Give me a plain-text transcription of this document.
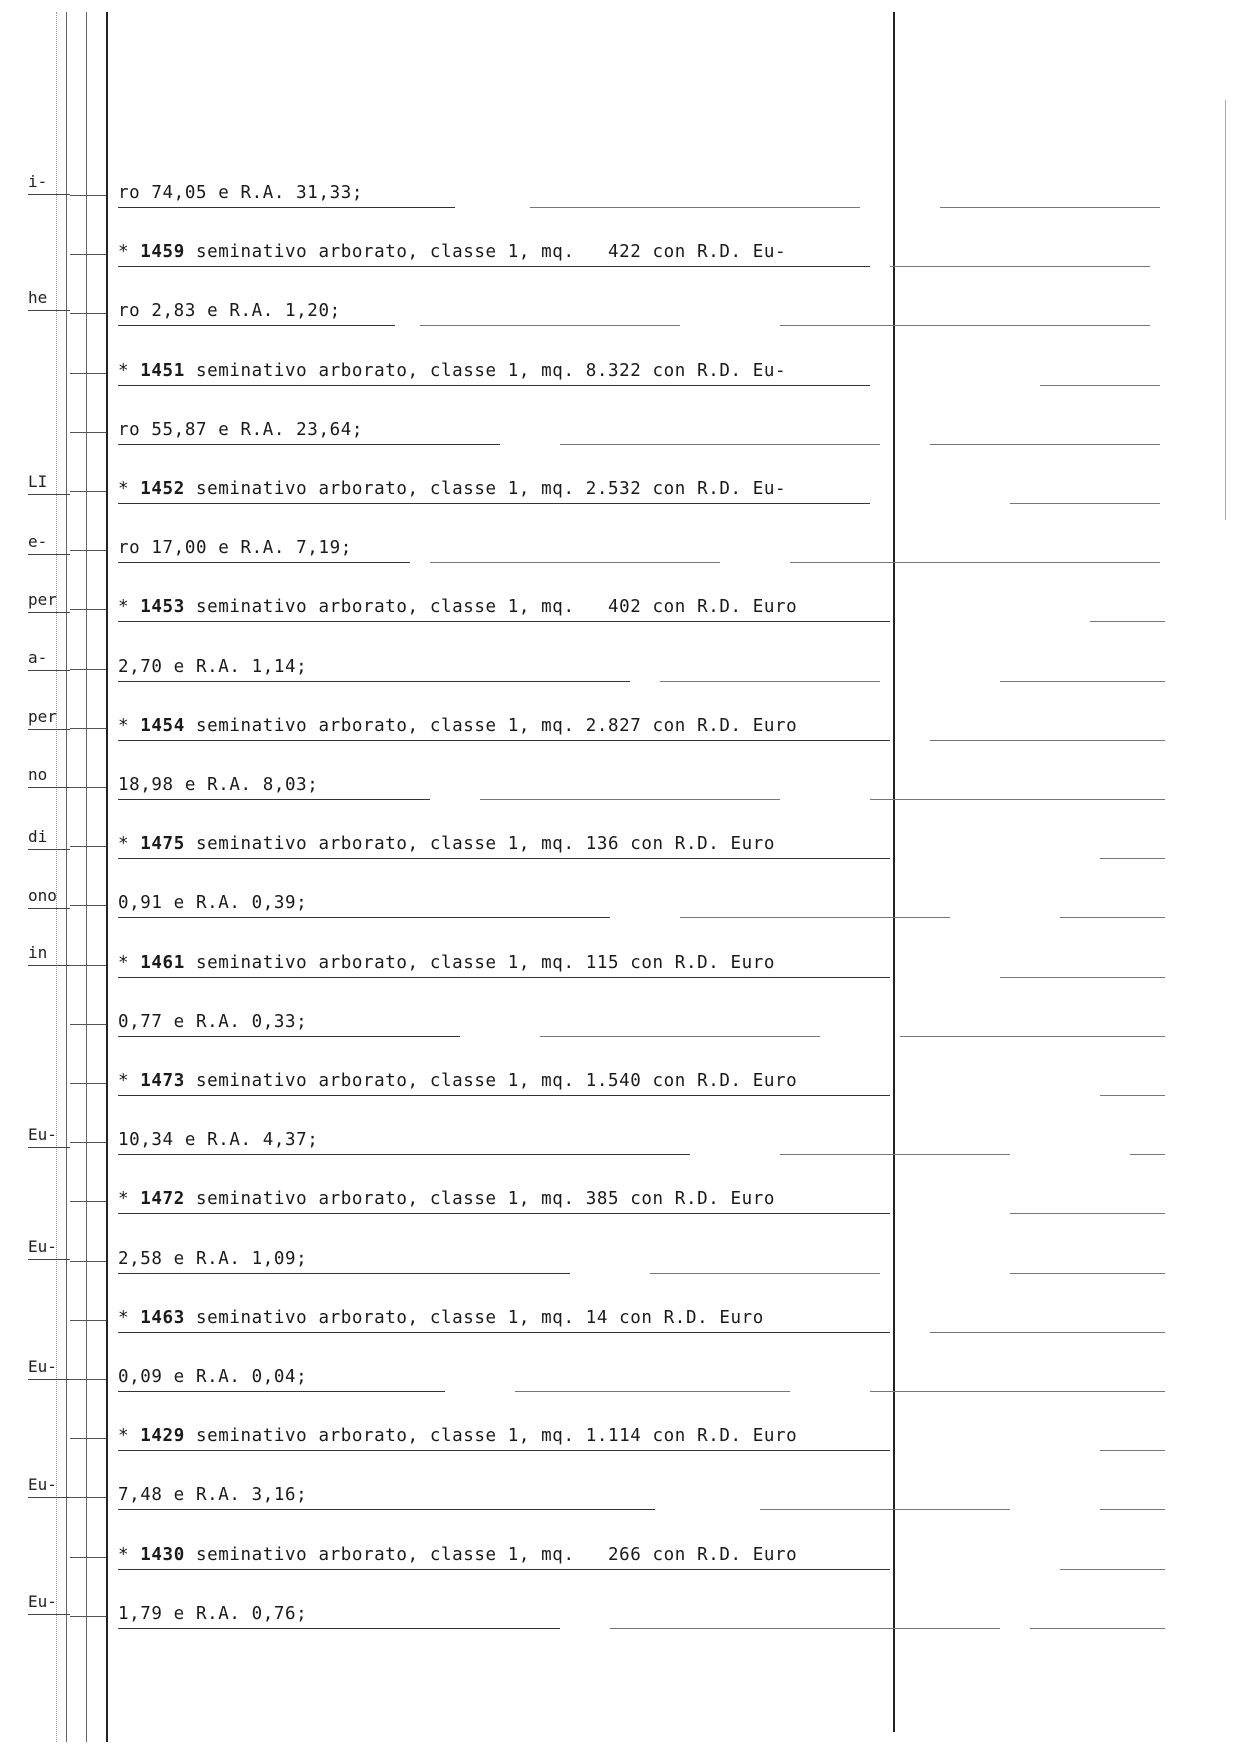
i-
he
LI
e-
per
a-
per
no
di
ono
in
Eu-
Eu-
Eu-
Eu-
Eu-
ro 74,05 e R.A. 31,33;
* 1459 seminativo arborato, classe 1, mq.   422 con R.D. Eu-
ro 2,83 e R.A. 1,20;
* 1451 seminativo arborato, classe 1, mq. 8.322 con R.D. Eu-
ro 55,87 e R.A. 23,64;
* 1452 seminativo arborato, classe 1, mq. 2.532 con R.D. Eu-
ro 17,00 e R.A. 7,19;
* 1453 seminativo arborato, classe 1, mq.   402 con R.D. Euro
2,70 e R.A. 1,14;
* 1454 seminativo arborato, classe 1, mq. 2.827 con R.D. Euro
18,98 e R.A. 8,03;
* 1475 seminativo arborato, classe 1, mq. 136 con R.D. Euro
0,91 e R.A. 0,39;
* 1461 seminativo arborato, classe 1, mq. 115 con R.D. Euro
0,77 e R.A. 0,33;
* 1473 seminativo arborato, classe 1, mq. 1.540 con R.D. Euro
10,34 e R.A. 4,37;
* 1472 seminativo arborato, classe 1, mq. 385 con R.D. Euro
2,58 e R.A. 1,09;
* 1463 seminativo arborato, classe 1, mq. 14 con R.D. Euro
0,09 e R.A. 0,04;
* 1429 seminativo arborato, classe 1, mq. 1.114 con R.D. Euro
7,48 e R.A. 3,16;
* 1430 seminativo arborato, classe 1, mq.   266 con R.D. Euro
1,79 e R.A. 0,76;
